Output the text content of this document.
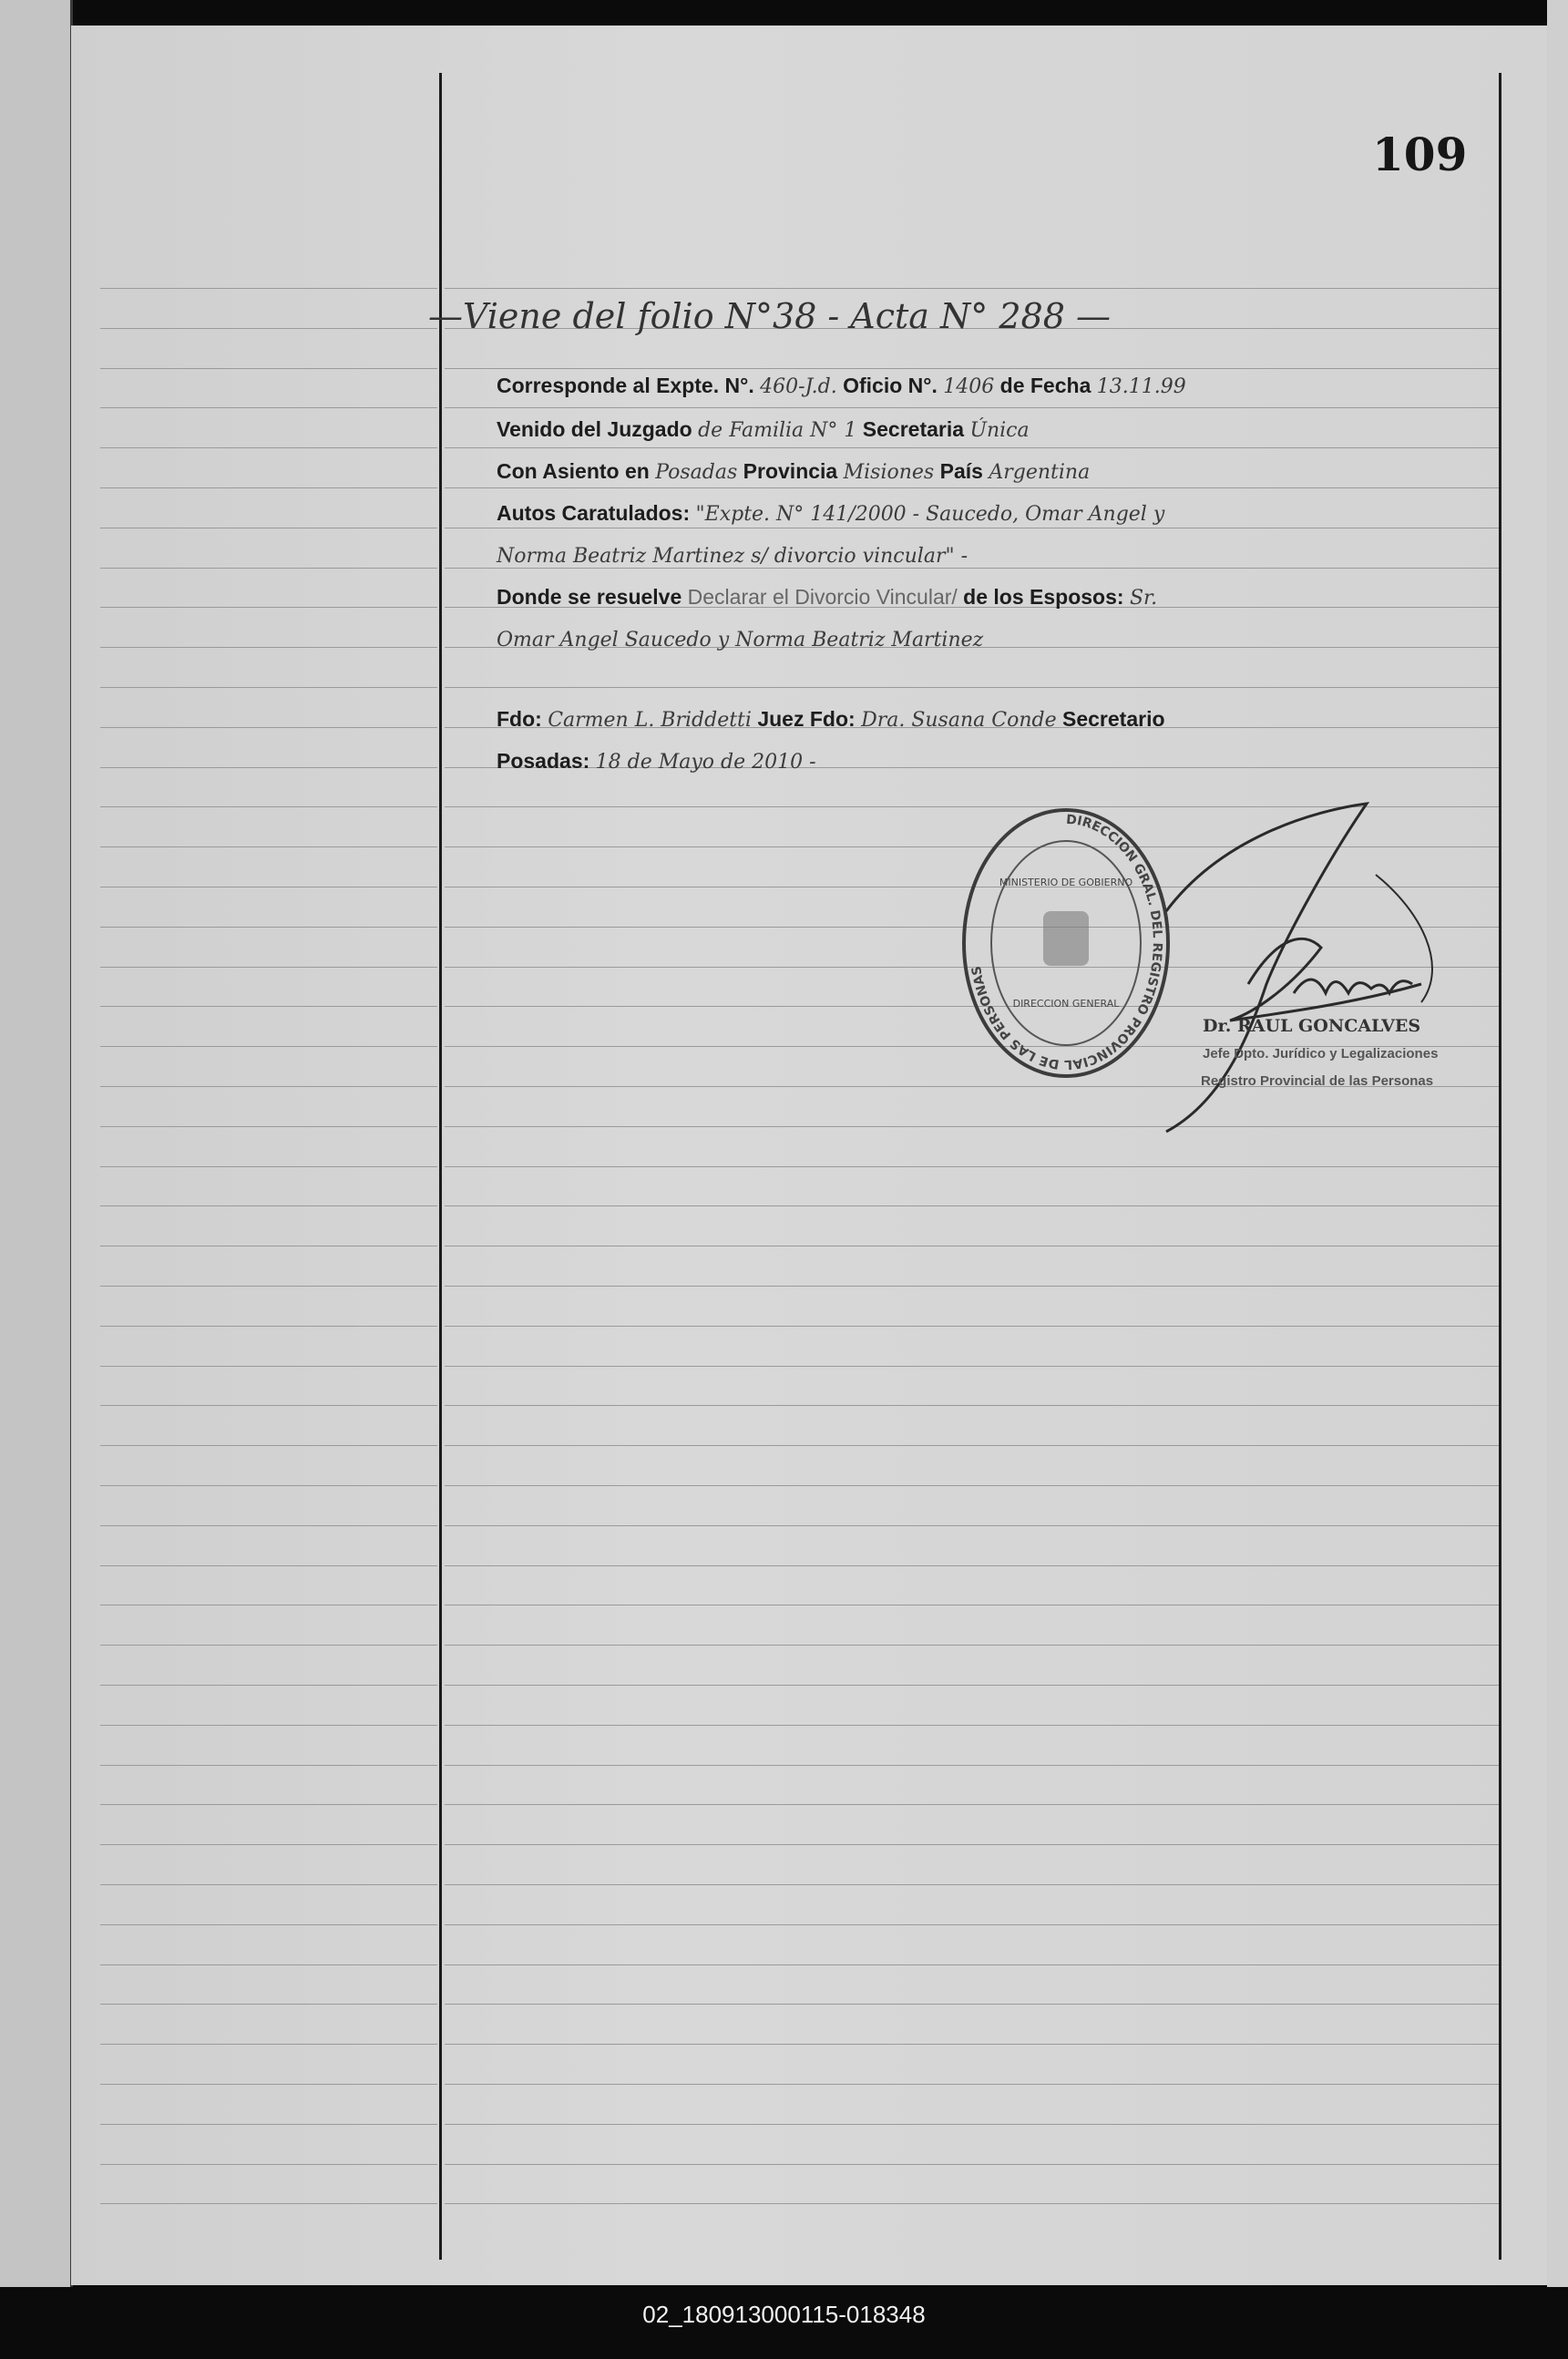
109
—Viene del folio N°38 - Acta N° 288 —
Corresponde al Expte. N°. 460-J.d. Oficio N°. 1406 de Fecha 13.11.99
Venido del Juzgado de Familia N° 1 Secretaria Única
Con Asiento en Posadas Provincia Misiones País Argentina
Autos Caratulados: "Expte. N° 141/2000 - Saucedo, Omar Angel y
Norma Beatriz Martinez s/ divorcio vincular" -
Donde se resuelve Declarar el Divorcio Vincular/ de los Esposos: Sr.
Omar Angel Saucedo y Norma Beatriz Martinez
Fdo: Carmen L. Briddetti Juez Fdo: Dra. Susana Conde Secretario
Posadas: 18 de Mayo de 2010 -
DIRECCION GRAL. DEL REGISTRO PROVINCIAL DE LAS PERSONAS
MINISTERIO DE GOBIERNO
DIRECCION GENERAL
Dr. RAUL GONCALVES
Jefe Dpto. Jurídico y Legalizaciones
Registro Provincial de las Personas
02_180913000115-018348
